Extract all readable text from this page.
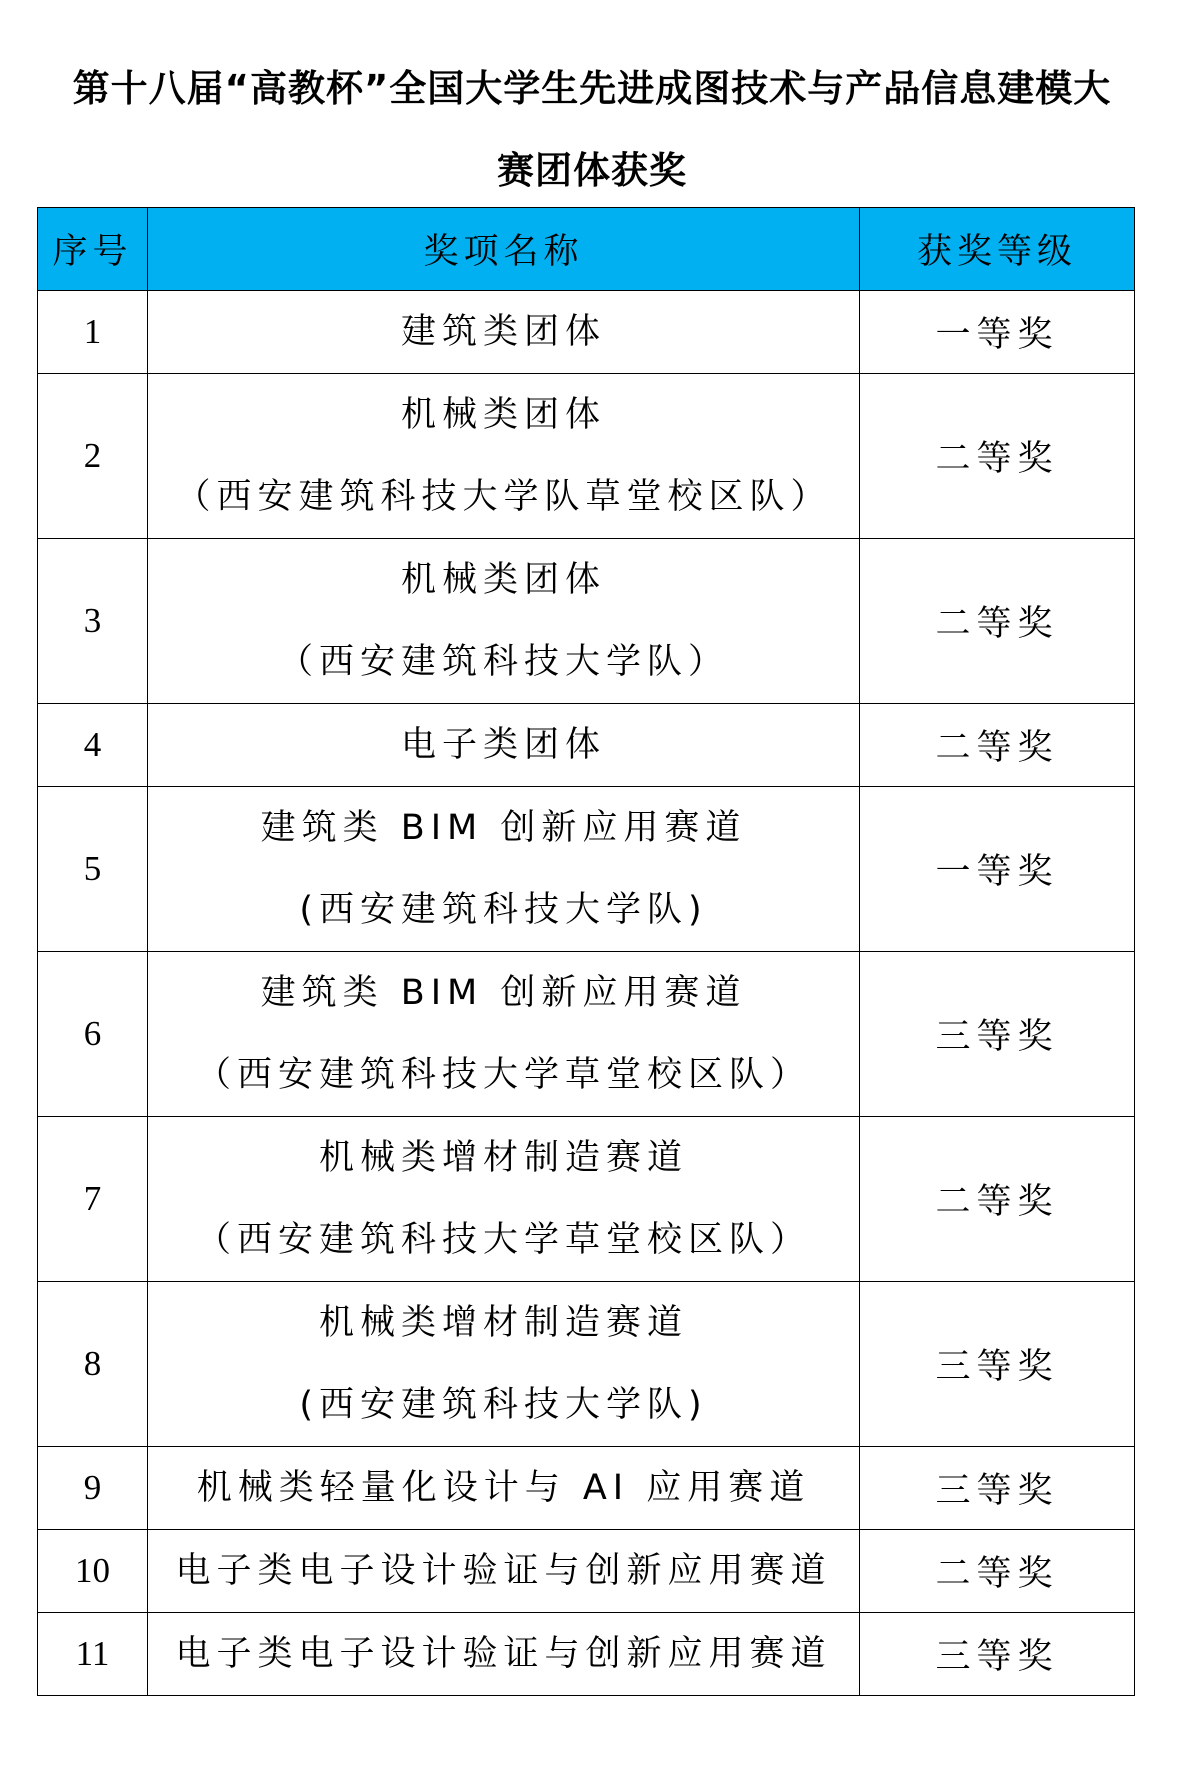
第十八届“高教杯”全国大学生先进成图技术与产品信息建模大
赛团体获奖
序号	奖项名称	获奖等级
1	建筑类团体	一等奖
2	机械类团体
（西安建筑科技大学队草堂校区队）	二等奖
3	机械类团体
（西安建筑科技大学队）	二等奖
4	电子类团体	二等奖
5	建筑类 BIM 创新应用赛道
(西安建筑科技大学队)	一等奖
6	建筑类 BIM 创新应用赛道
（西安建筑科技大学草堂校区队）	三等奖
7	机械类增材制造赛道
（西安建筑科技大学草堂校区队）	二等奖
8	机械类增材制造赛道
(西安建筑科技大学队)	三等奖
9	机械类轻量化设计与 AI 应用赛道	三等奖
10	电子类电子设计验证与创新应用赛道	二等奖
11	电子类电子设计验证与创新应用赛道	三等奖
